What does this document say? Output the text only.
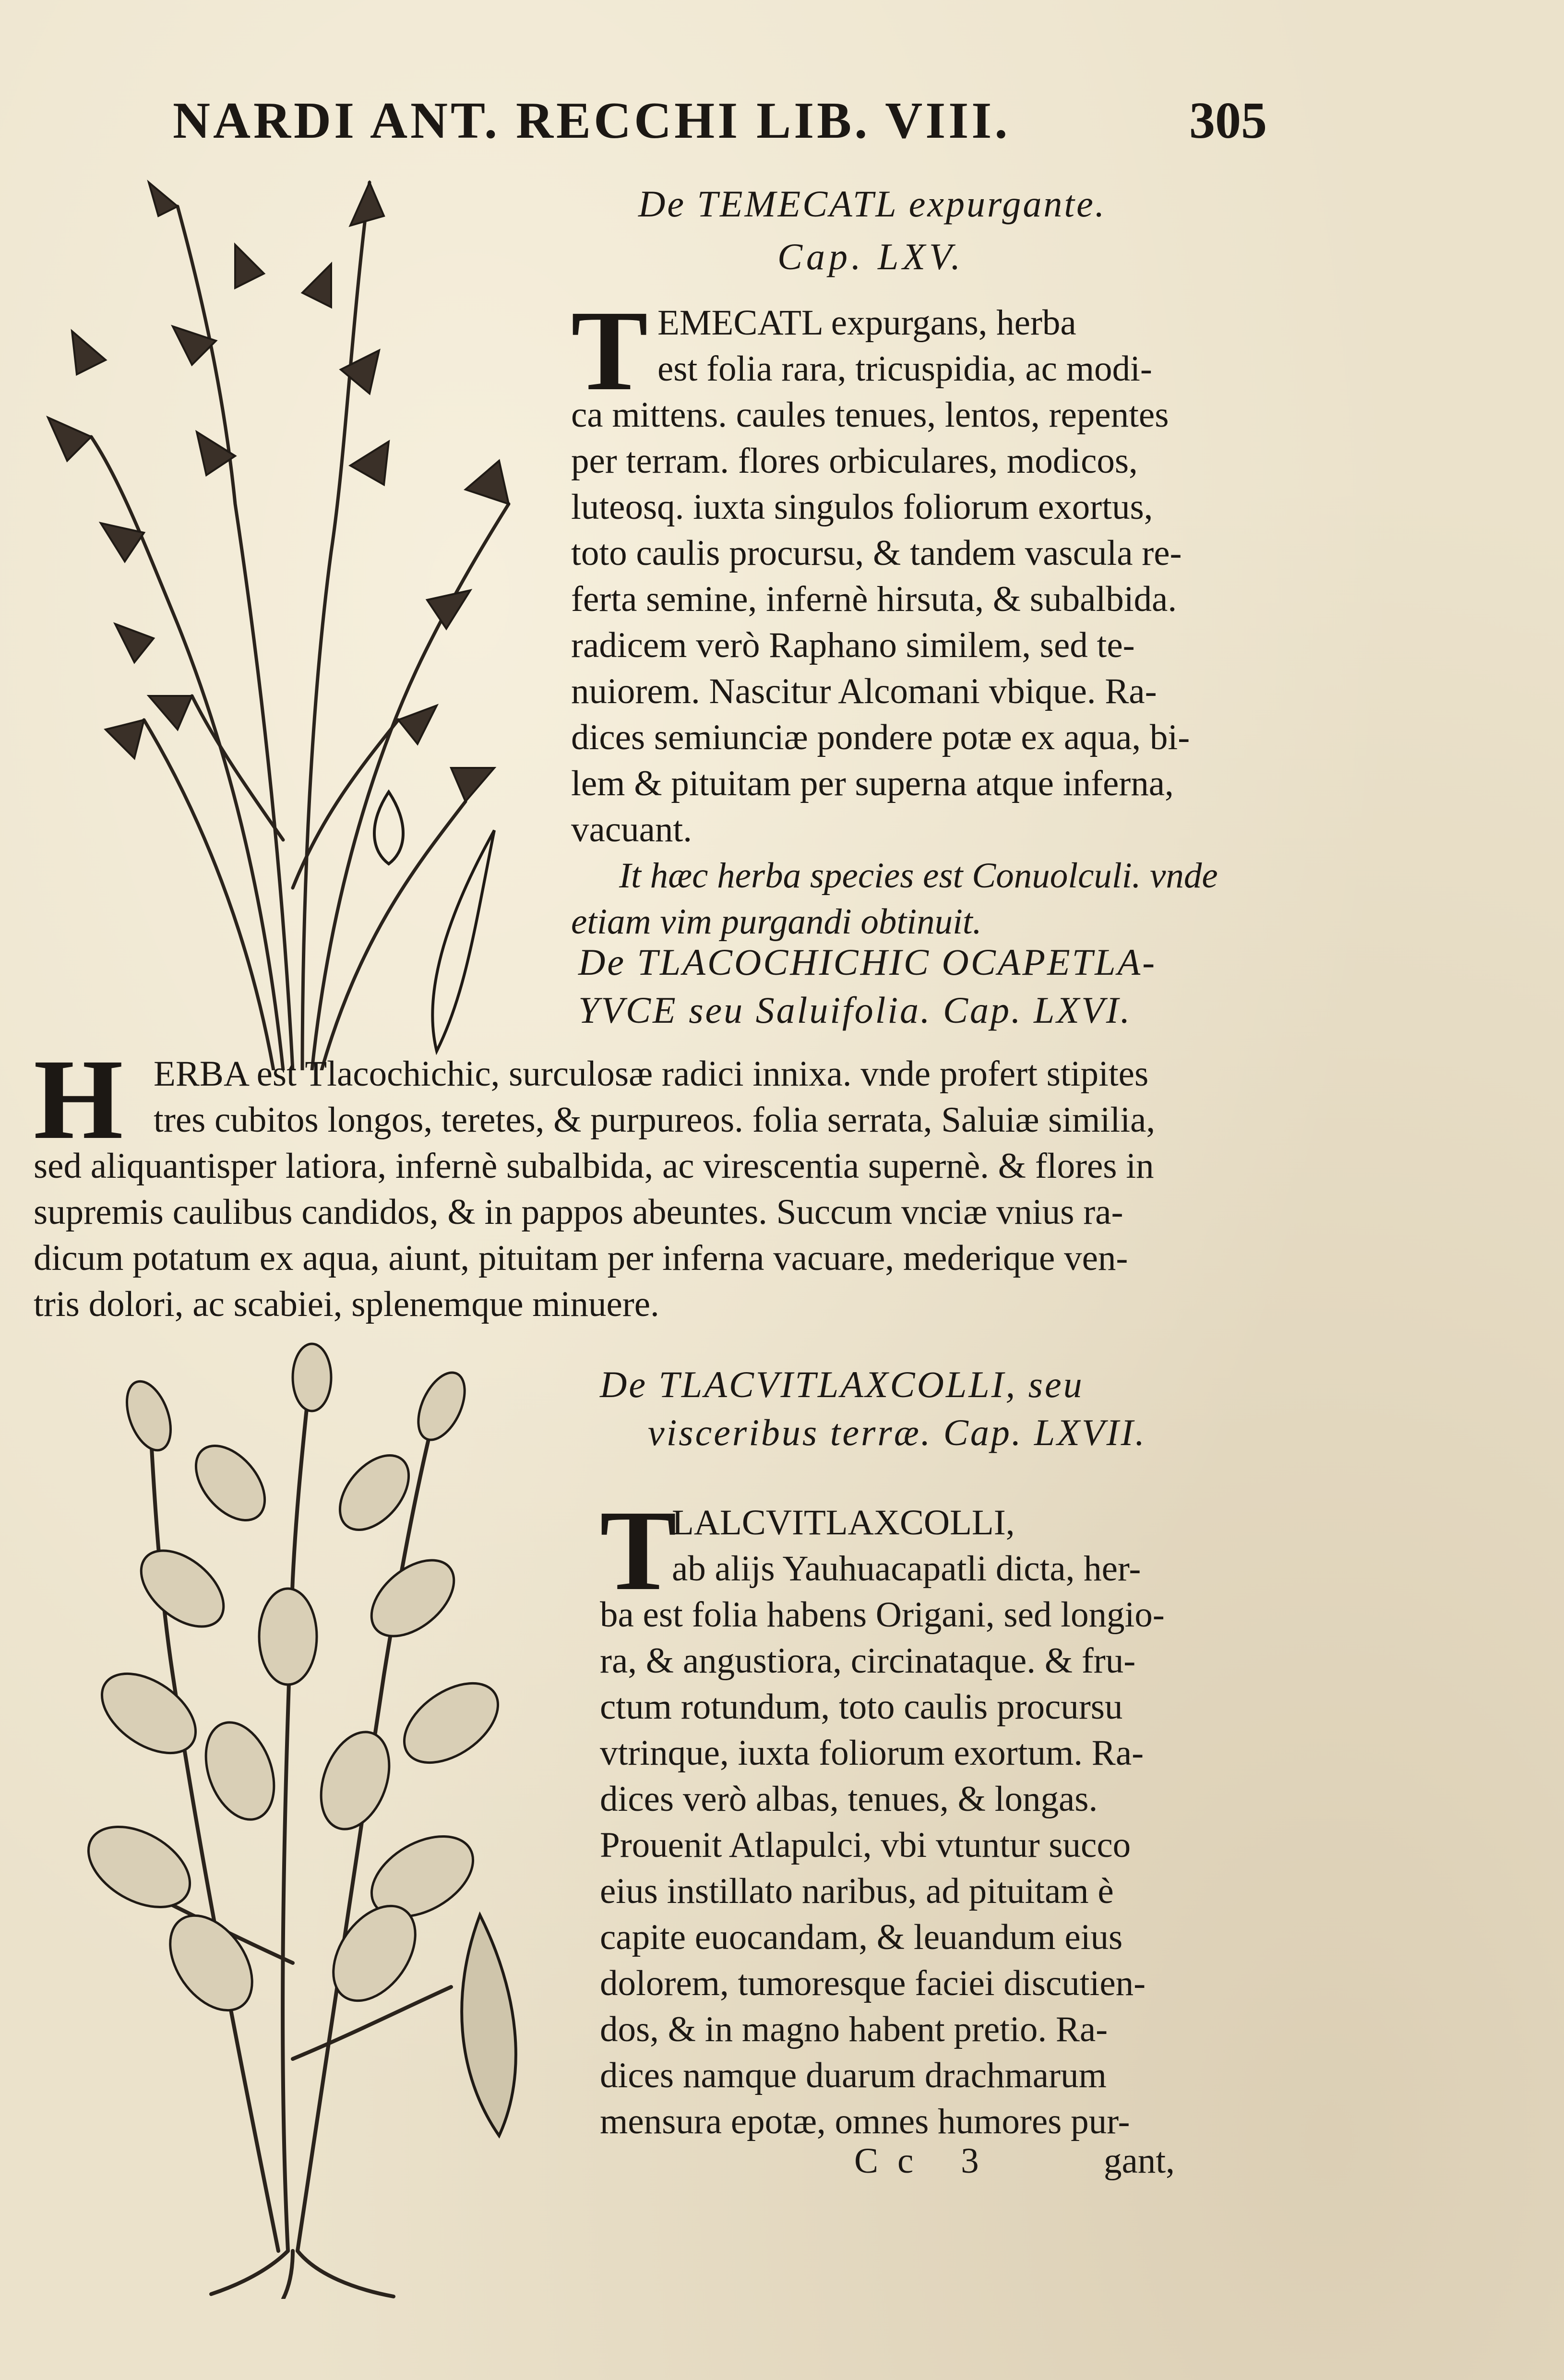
NARDI ANT. RECCHI LIB. VIII.	305
De TEMECATL expurgante.
Cap. LXV.
T EMECATL expurgans, herba
est folia rara, tricuspidia, ac modi-
ca mittens. caules tenues, lentos, repentes
per terram. flores orbiculares, modicos,
luteosq. iuxta singulos foliorum exortus,
toto caulis procursu, & tandem vascula re-
ferta semine, infernè hirsuta, & subalbida.
radicem verò Raphano similem, sed te-
nuiorem. Nascitur Alcomani vbique. Ra-
dices semiunciæ pondere potæ ex aqua, bi-
lem & pituitam per superna atque inferna,
vacuant.
It hæc herba species est Conuolculi. vnde
etiam vim purgandi obtinuit.
De TLACOCHICHIC OCAPETLA-
YVCE seu Saluifolia. Cap. LXVI.
H ERBA est Tlacochichic, surculosæ radici innixa. vnde profert stipites
tres cubitos longos, teretes, & purpureos. folia serrata, Saluiæ similia,
sed aliquantisper latiora, infernè subalbida, ac virescentia supernè. & flores in
supremis caulibus candidos, & in pappos abeuntes. Succum vnciæ vnius ra-
dicum potatum ex aqua, aiunt, pituitam per inferna vacuare, mederique ven-
tris dolori, ac scabiei, splenemque minuere.
De TLACVITLAXCOLLI, seu
visceribus terræ. Cap. LXVII.
T
LALCVITLAXCOLLI,
ab alijs Yauhuacapatli dicta, her-
ba est folia habens Origani, sed longio-
ra, & angustiora, circinataque. & fru-
ctum rotundum, toto caulis procursu
vtrinque, iuxta foliorum exortum. Ra-
dices verò albas, tenues, & longas.
Prouenit Atlapulci, vbi vtuntur succo
eius instillato naribus, ad pituitam è
capite euocandam, & leuandum eius
dolorem, tumoresque faciei discutien-
dos, & in magno habent pretio. Ra-
dices namque duarum drachmarum
mensura epotæ, omnes humores pur-
Cc 3	gant,
